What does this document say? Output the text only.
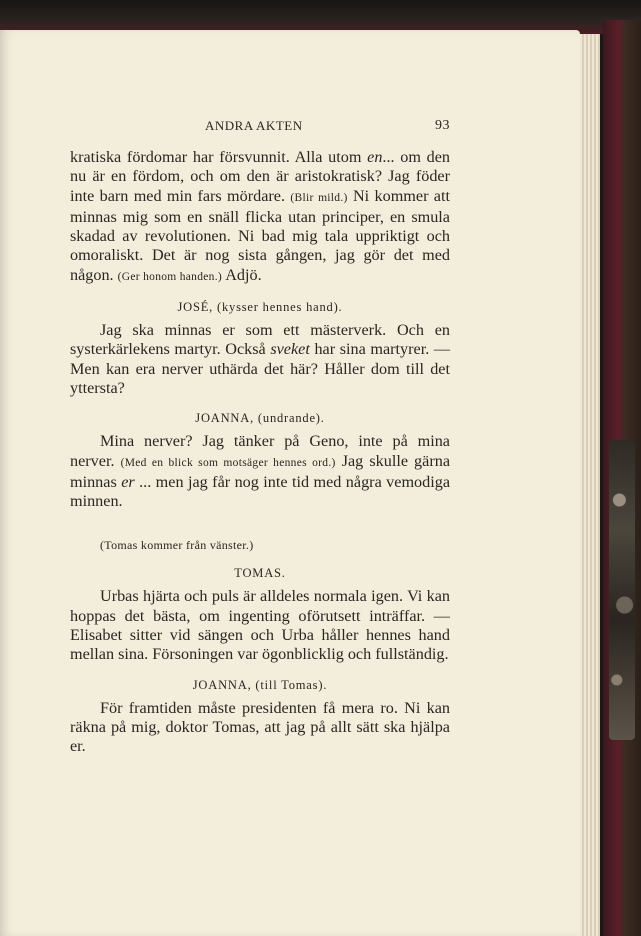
ANDRA AKTEN	93

kratiska fördomar har försvunnit. Alla utom en... om den nu är en fördom, och om den är aristokratisk? Jag föder inte barn med min fars mördare. (Blir mild.) Ni kommer att minnas mig som en snäll flicka utan principer, en smula skadad av revolutionen. Ni bad mig tala uppriktigt och omoraliskt. Det är nog sista gången, jag gör det med någon. (Ger honom handen.) Adjö.

JOSÉ, (kysser hennes hand).

Jag ska minnas er som ett mästerverk. Och en systerkärlekens martyr. Också sveket har sina martyrer. — Men kan era nerver uthärda det här? Håller dom till det yttersta?

JOANNA, (undrande).

Mina nerver? Jag tänker på Geno, inte på mina nerver. (Med en blick som motsäger hennes ord.) Jag skulle gärna minnas er ... men jag får nog inte tid med några vemodiga minnen.

(Tomas kommer från vänster.)
TOMAS.

Urbas hjärta och puls är alldeles normala igen. Vi kan hoppas det bästa, om ingenting oförutsett inträffar. — Elisabet sitter vid sängen och Urba håller hennes hand mellan sina. Försoningen var ögonblicklig och fullständig.

JOANNA, (till Tomas).

För framtiden måste presidenten få mera ro. Ni kan räkna på mig, doktor Tomas, att jag på allt sätt ska hjälpa er.
